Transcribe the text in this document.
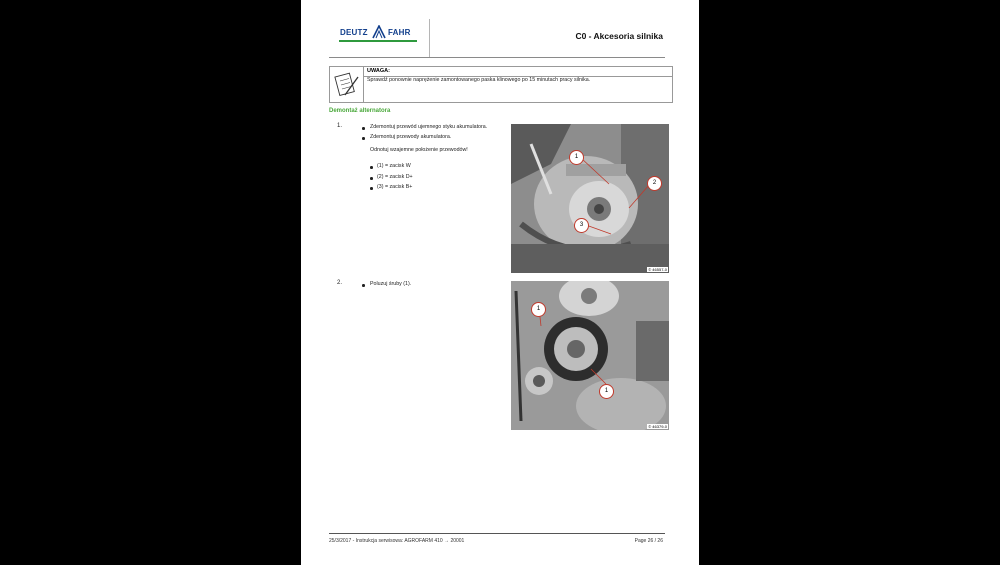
DEUTZ	FAHR	C0 - Akcesoria silnika
UWAGA:
Sprawdź ponownie naprężenie zamontowanego paska klinowego po 15 minutach pracy silnika.
Demontaż alternatora
1.	Zdemontuj przewód ujemnego styku akumulatora.
Zdemontuj przewody akumulatora.
Odnotuj wzajemne położenie przewodów!
(1) = zacisk W
(2) = zacisk D+
(3) = zacisk B+
1
2
3
© 46557-0
2.	Poluzuj śruby (1).
1
1
© 46379-0
25/3/2017 - Instrukcja serwisowa: AGROFARM 410 → 20001	Page 26 / 26
